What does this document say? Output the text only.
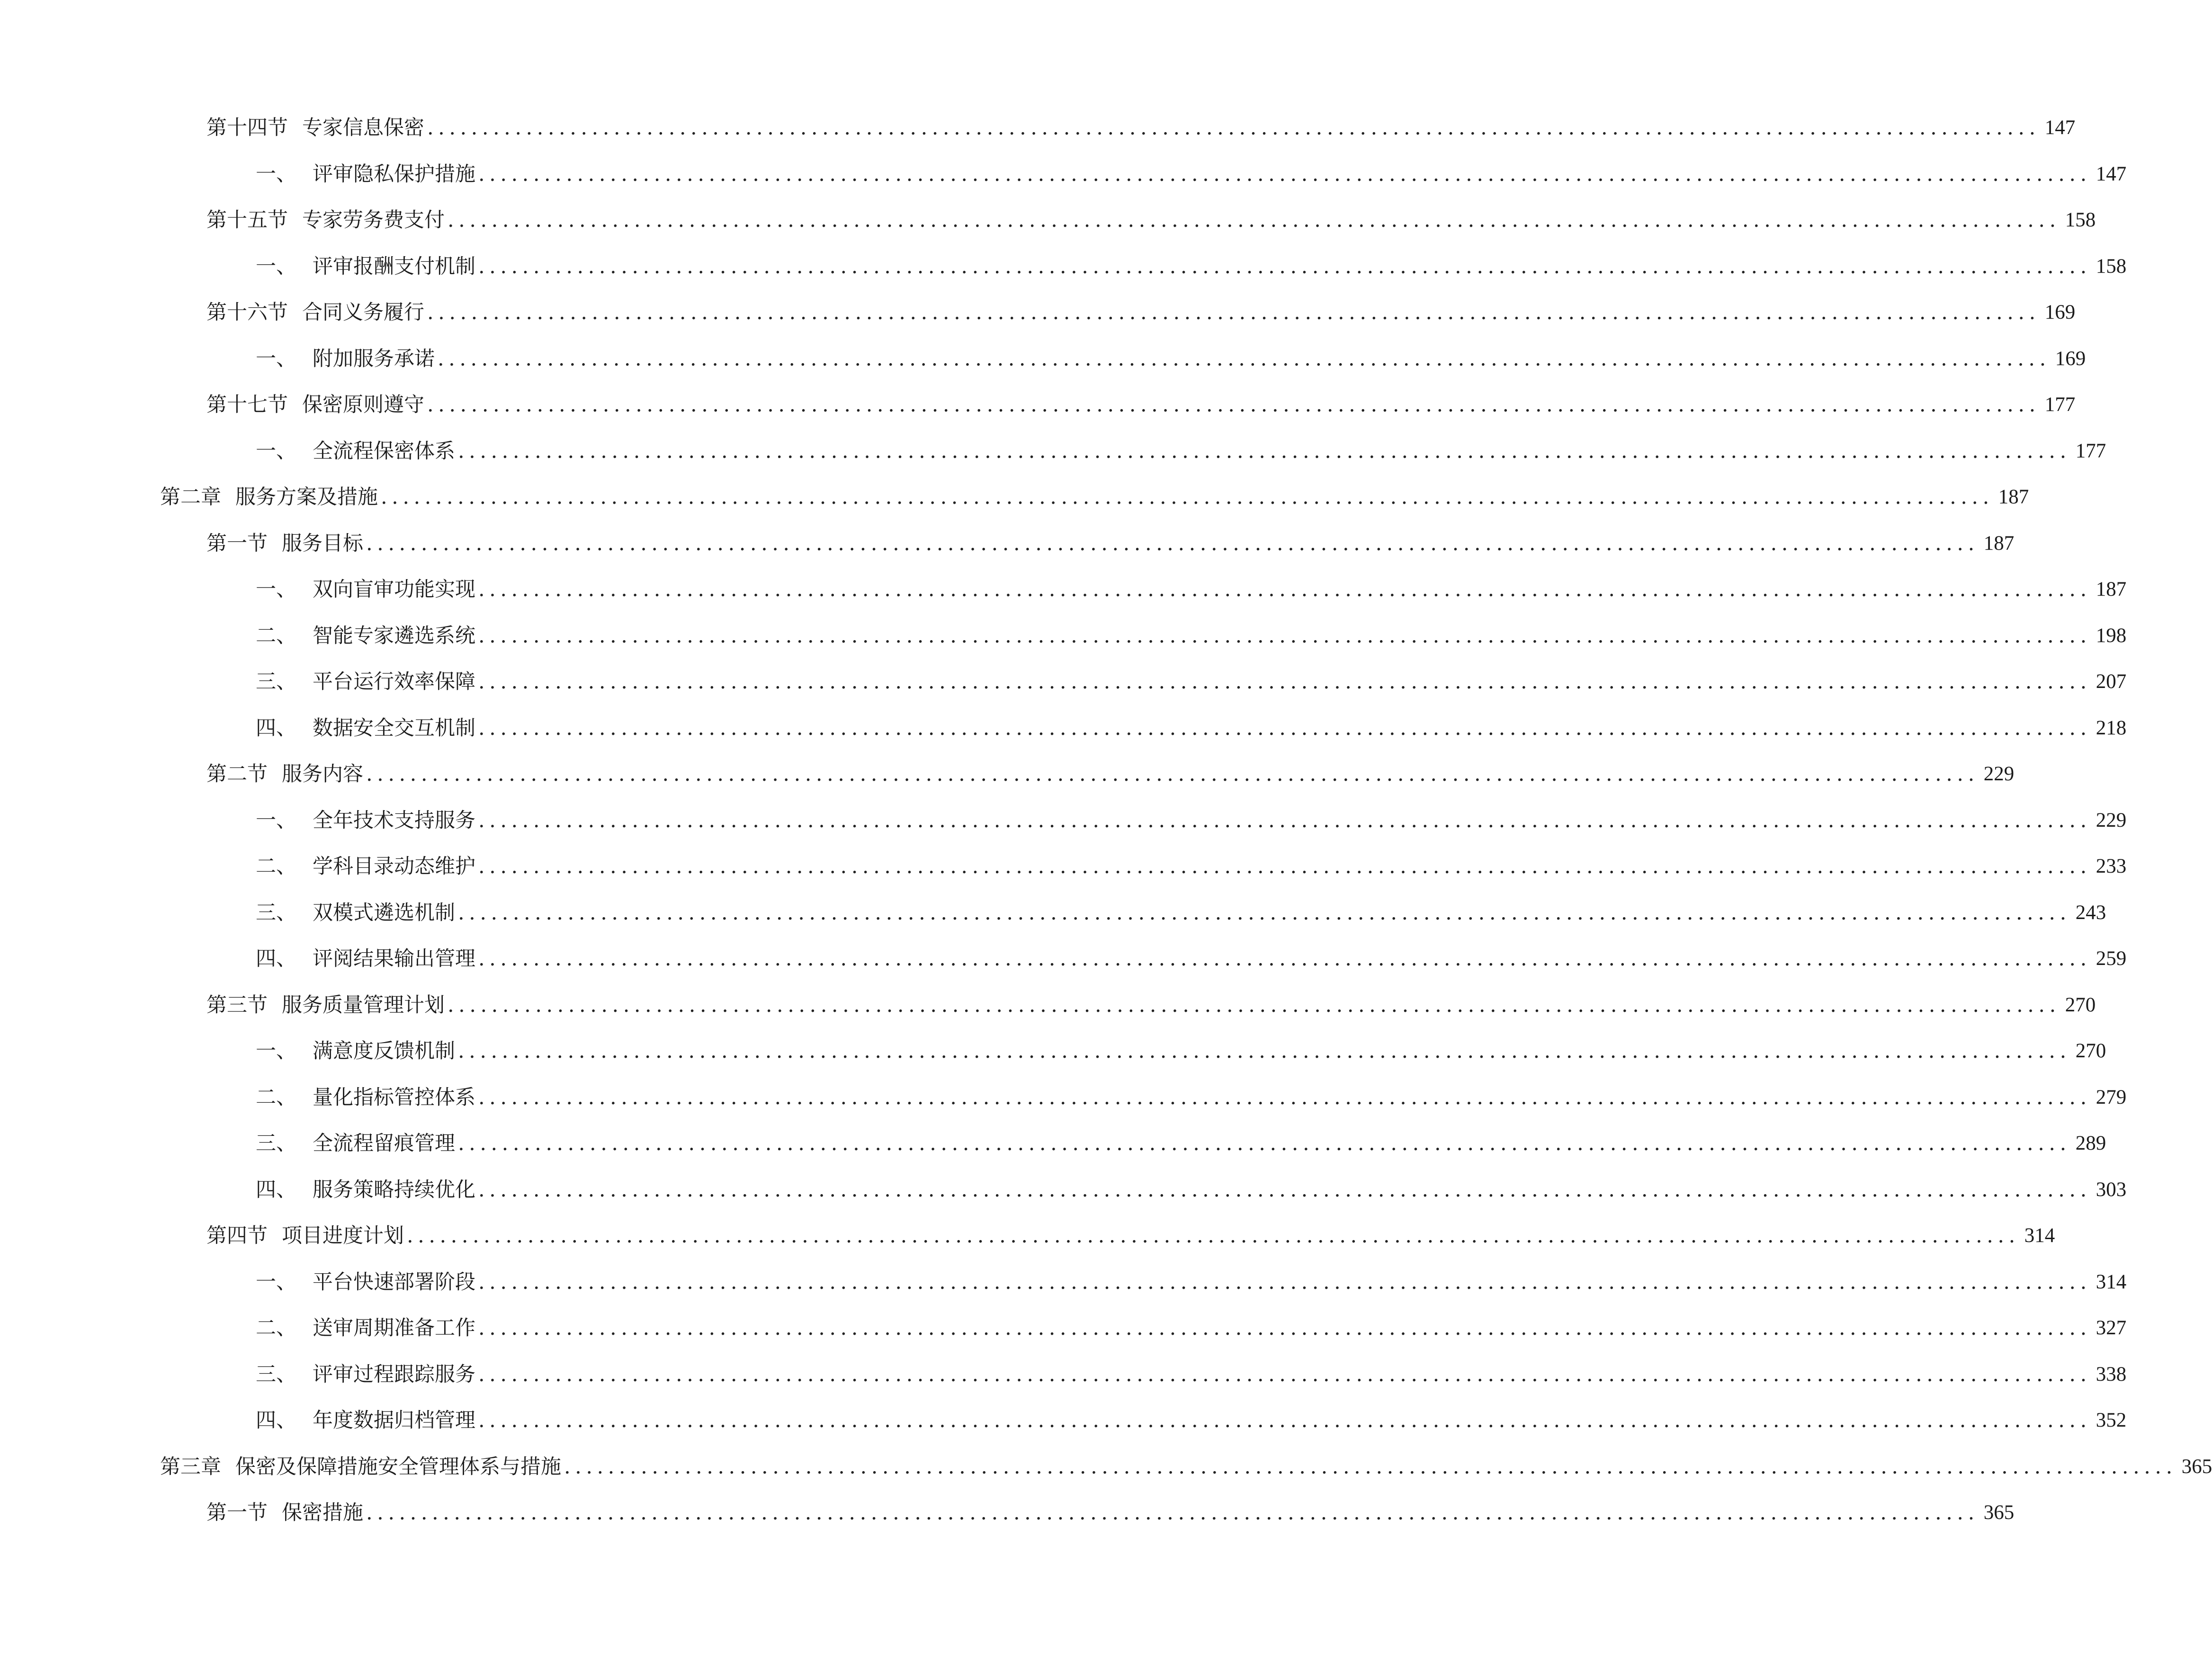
第十四节 专家信息保密 ................................................................................................................................................... 147
一、 评审隐私保护措施 ................................................................................................................................................... 147
第十五节 专家劳务费支付 ................................................................................................................................................... 158
一、 评审报酬支付机制 ................................................................................................................................................... 158
第十六节 合同义务履行 ................................................................................................................................................... 169
一、 附加服务承诺 ................................................................................................................................................... 169
第十七节 保密原则遵守 ................................................................................................................................................... 177
一、 全流程保密体系 ................................................................................................................................................... 177
第二章 服务方案及措施 ................................................................................................................................................... 187
第一节 服务目标 ................................................................................................................................................... 187
一、 双向盲审功能实现 ................................................................................................................................................... 187
二、 智能专家遴选系统 ................................................................................................................................................... 198
三、 平台运行效率保障 ................................................................................................................................................... 207
四、 数据安全交互机制 ................................................................................................................................................... 218
第二节 服务内容 ................................................................................................................................................... 229
一、 全年技术支持服务 ................................................................................................................................................... 229
二、 学科目录动态维护 ................................................................................................................................................... 233
三、 双模式遴选机制 ................................................................................................................................................... 243
四、 评阅结果输出管理 ................................................................................................................................................... 259
第三节 服务质量管理计划 ................................................................................................................................................... 270
一、 满意度反馈机制 ................................................................................................................................................... 270
二、 量化指标管控体系 ................................................................................................................................................... 279
三、 全流程留痕管理 ................................................................................................................................................... 289
四、 服务策略持续优化 ................................................................................................................................................... 303
第四节 项目进度计划 ................................................................................................................................................... 314
一、 平台快速部署阶段 ................................................................................................................................................... 314
二、 送审周期准备工作 ................................................................................................................................................... 327
三、 评审过程跟踪服务 ................................................................................................................................................... 338
四、 年度数据归档管理 ................................................................................................................................................... 352
第三章 保密及保障措施安全管理体系与措施 ................................................................................................................................................... 365
第一节 保密措施 ................................................................................................................................................... 365
